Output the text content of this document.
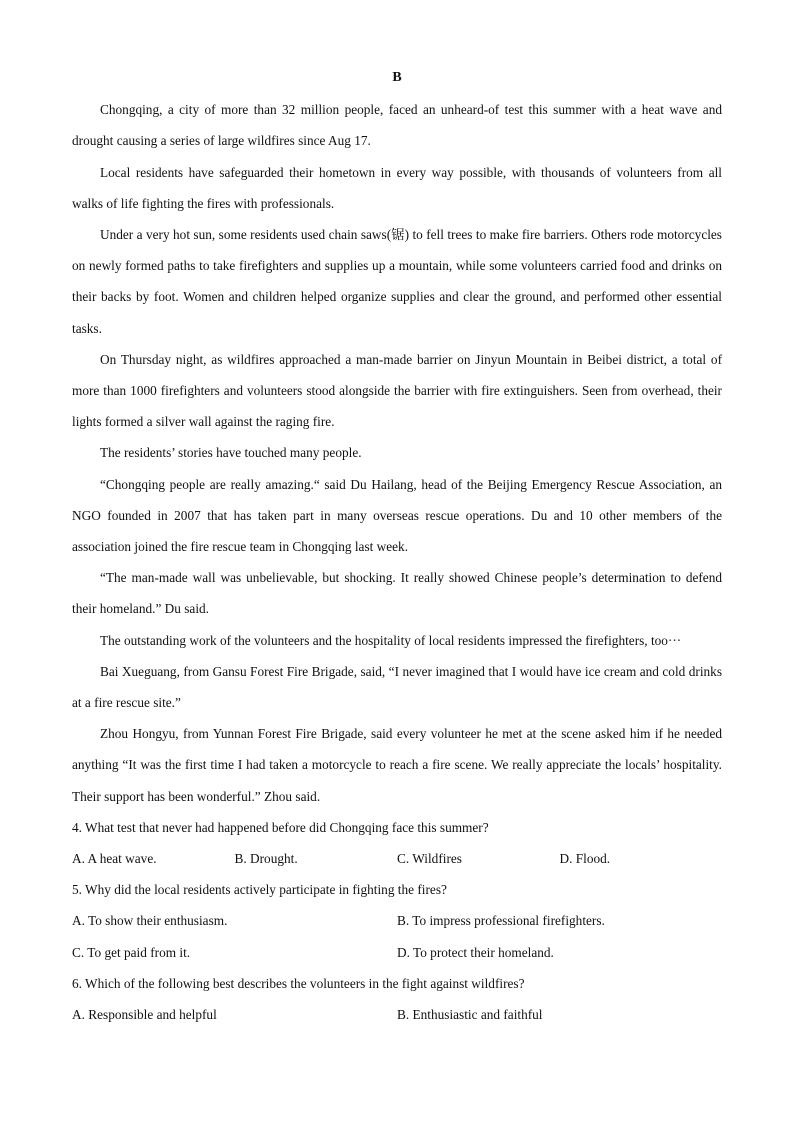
B

Chongqing, a city of more than 32 million people, faced an unheard-of test this summer with a heat wave and drought causing a series of large wildfires since Aug 17.

Local residents have safeguarded their hometown in every way possible, with thousands of volunteers from all walks of life fighting the fires with professionals.

Under a very hot sun, some residents used chain saws(锯) to fell trees to make fire barriers. Others rode motorcycles on newly formed paths to take firefighters and supplies up a mountain, while some volunteers carried food and drinks on their backs by foot. Women and children helped organize supplies and clear the ground, and performed other essential tasks.

On Thursday night, as wildfires approached a man-made barrier on Jinyun Mountain in Beibei district, a total of more than 1000 firefighters and volunteers stood alongside the barrier with fire extinguishers. Seen from overhead, their lights formed a silver wall against the raging fire.

The residents’ stories have touched many people.

“Chongqing people are really amazing.“ said Du Hailang, head of the Beijing Emergency Rescue Association, an NGO founded in 2007 that has taken part in many overseas rescue operations. Du and 10 other members of the association joined the fire rescue team in Chongqing last week.

“The man-made wall was unbelievable, but shocking. It really showed Chinese people’s determination to defend their homeland.” Du said.

The outstanding work of the volunteers and the hospitality of local residents impressed the firefighters, too···

Bai Xueguang, from Gansu Forest Fire Brigade, said, “I never imagined that I would have ice cream and cold drinks at a fire rescue site.”

Zhou Hongyu, from Yunnan Forest Fire Brigade, said every volunteer he met at the scene asked him if he needed anything “It was the first time I had taken a motorcycle to reach a fire scene. We really appreciate the locals’ hospitality. Their support has been wonderful.” Zhou said.

4. What test that never had happened before did Chongqing face this summer?

A. A heat wave.	B. Drought.	C. Wildfires	D. Flood.

5. Why did the local residents actively participate in fighting the fires?

A. To show their enthusiasm.	B. To impress professional firefighters.
C. To get paid from it.	D. To protect their homeland.

6. Which of the following best describes the volunteers in the fight against wildfires?

A. Responsible and helpful	B. Enthusiastic and faithful
